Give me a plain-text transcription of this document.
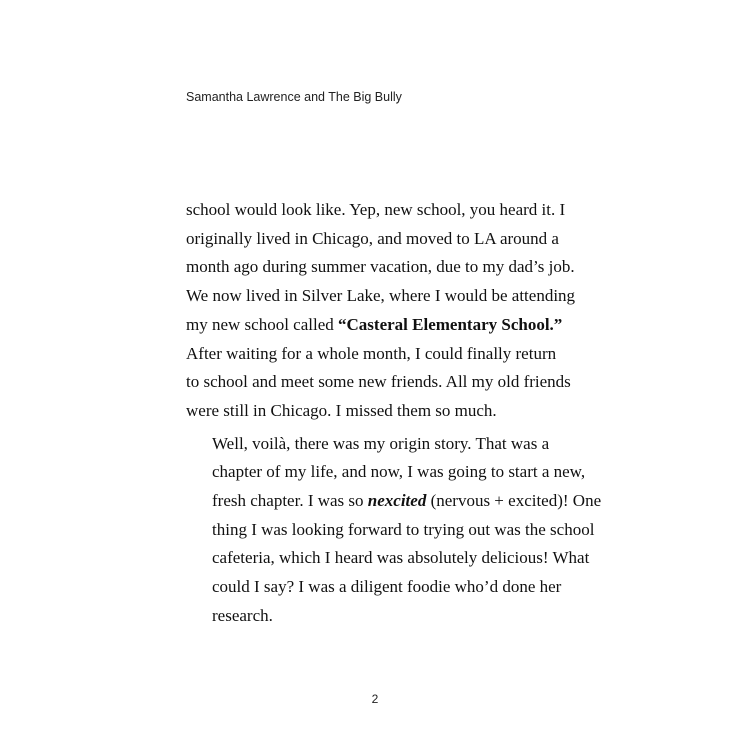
Samantha Lawrence and The Big Bully

school would look like. Yep, new school, you heard it. I
originally lived in Chicago, and moved to LA around a
month ago during summer vacation, due to my dad’s job.
We now lived in Silver Lake, where I would be attending
my new school called “Casteral Elementary School.”
After waiting for a whole month, I could finally return
to school and meet some new friends. All my old friends
were still in Chicago. I missed them so much.

Well, voilà, there was my origin story. That was a
chapter of my life, and now, I was going to start a new,
fresh chapter. I was so nexcited (nervous + excited)! One
thing I was looking forward to trying out was the school
cafeteria, which I heard was absolutely delicious! What
could I say? I was a diligent foodie who’d done her
research.

2
